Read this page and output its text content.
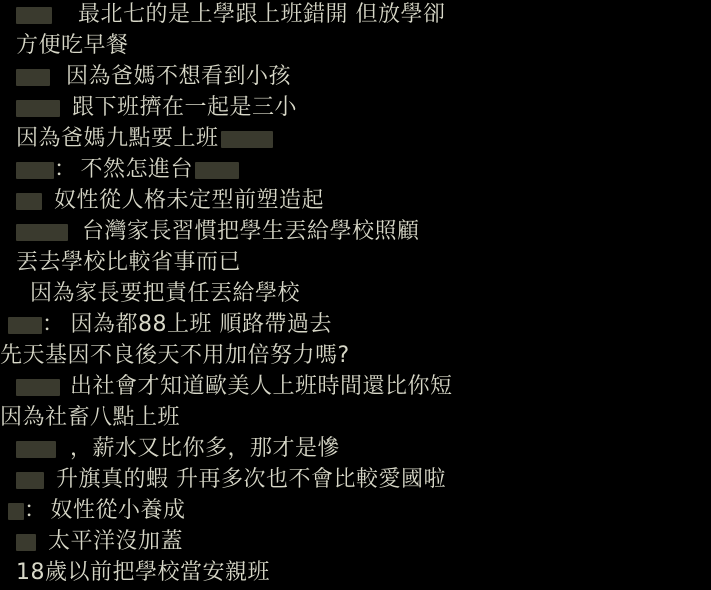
最北七的是上學跟上班錯開 但放學卻
方便吃早餐
因為爸媽不想看到小孩
跟下班擠在一起是三小
因為爸媽九點要上班
： 不然怎進台
奴性從人格未定型前塑造起
台灣家長習慣把學生丟給學校照顧
丟去學校比較省事而已
因為家長要把責任丟給學校
： 因為都88上班 順路帶過去
先天基因不良後天不用加倍努力嗎?
出社會才知道歐美人上班時間還比你短
因為社畜八點上班
，薪水又比你多，那才是慘
升旗真的蝦 升再多次也不會比較愛國啦
： 奴性從小養成
太平洋沒加蓋
18歲以前把學校當安親班
